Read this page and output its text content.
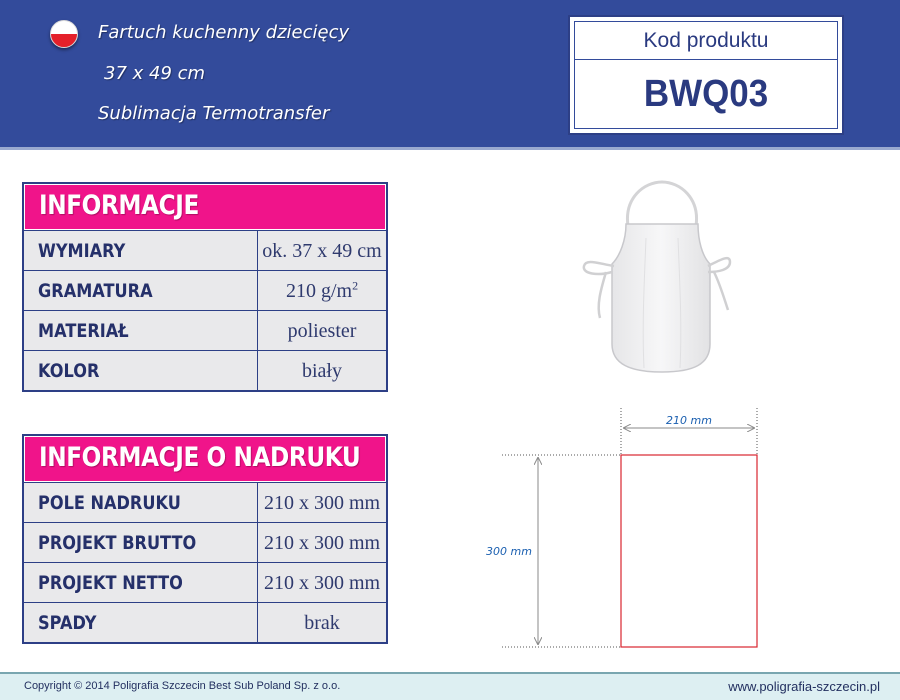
Fartuch kuchenny dziecięcy
37 x 49 cm
Sublimacja Termotransfer
Kod produktu
BWQ03
INFORMACJE
WYMIARY	ok. 37 x 49 cm
GRAMATURA	210 $g/m^2$
MATERIAŁ	poliester
KOLOR	biały
INFORMACJE O NADRUKU
POLE NADRUKU	210 x 300 mm
PROJEKT BRUTTO	210 x 300 mm
PROJEKT NETTO	210 x 300 mm
SPADY	brak
210 mm
300 mm
Copyright © 2014 Poligrafia Szczecin Best Sub Poland Sp. z o.o.	www.poligrafia-szczecin.pl
